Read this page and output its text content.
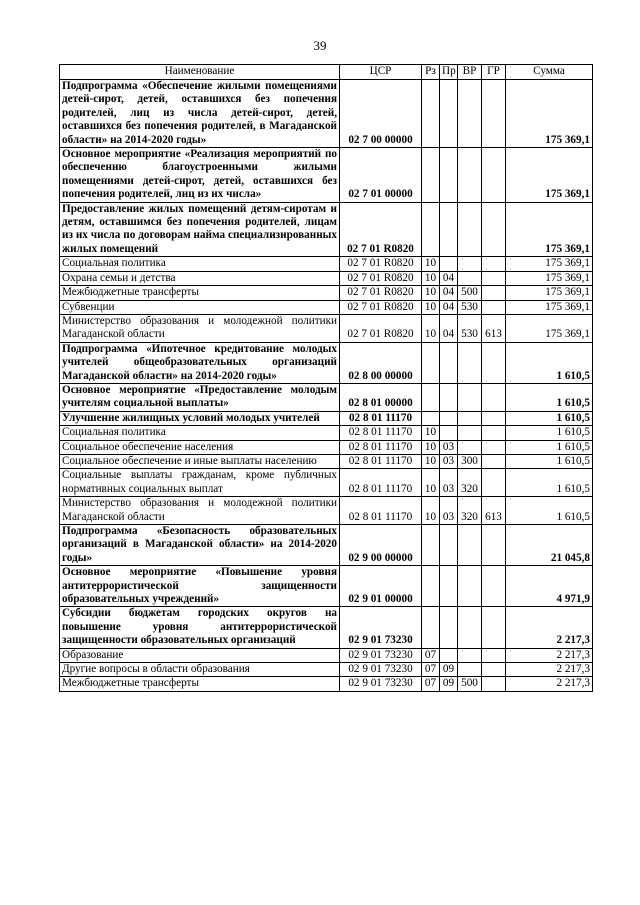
39
Наименование	ЦСР	Рз	Пр	ВР	ГР	Сумма
Подпрограмма «Обеспечение жилыми помещениями детей-сирот, детей, оставшихся без попечения родителей, лиц из числа детей-сирот, детей, оставшихся без попечения родителей, в Магаданской области» на 2014-2020 годы»	02 7 00 00000					175 369,1
Основное мероприятие «Реализация мероприятий по обеспечению благоустроенными жилыми помещениями детей-сирот, детей, оставшихся без попечения родителей, лиц из их числа»	02 7 01 00000					175 369,1
Предоставление жилых помещений детям-сиротам и детям, оставшимся без попечения родителей, лицам из их числа по договорам найма специализированных жилых помещений	02 7 01 R0820					175 369,1
Социальная политика	02 7 01 R0820	10				175 369,1
Охрана семьи и детства	02 7 01 R0820	10	04			175 369,1
Межбюджетные трансферты	02 7 01 R0820	10	04	500		175 369,1
Субвенции	02 7 01 R0820	10	04	530		175 369,1
Министерство образования и молодежной политики Магаданской области	02 7 01 R0820	10	04	530	613	175 369,1
Подпрограмма «Ипотечное кредитование молодых учителей общеобразовательных организаций Магаданской области» на 2014-2020 годы»	02 8 00 00000					1 610,5
Основное мероприятие «Предоставление молодым учителям социальной выплаты»	02 8 01 00000					1 610,5
Улучшение жилищных условий молодых учителей	02 8 01 11170					1 610,5
Социальная политика	02 8 01 11170	10				1 610,5
Социальное обеспечение населения	02 8 01 11170	10	03			1 610,5
Социальное обеспечение и иные выплаты населению	02 8 01 11170	10	03	300		1 610,5
Социальные выплаты гражданам, кроме публичных нормативных социальных выплат	02 8 01 11170	10	03	320		1 610,5
Министерство образования и молодежной политики Магаданской области	02 8 01 11170	10	03	320	613	1 610,5
Подпрограмма «Безопасность образовательных организаций в Магаданской области» на 2014-2020 годы»	02 9 00 00000					21 045,8
Основное мероприятие «Повышение уровня антитеррористической защищенности образовательных учреждений»	02 9 01 00000					4 971,9
Субсидии бюджетам городских округов на повышение уровня антитеррористической защищенности образовательных организаций	02 9 01 73230					2 217,3
Образование	02 9 01 73230	07				2 217,3
Другие вопросы в области образования	02 9 01 73230	07	09			2 217,3
Межбюджетные трансферты	02 9 01 73230	07	09	500		2 217,3
